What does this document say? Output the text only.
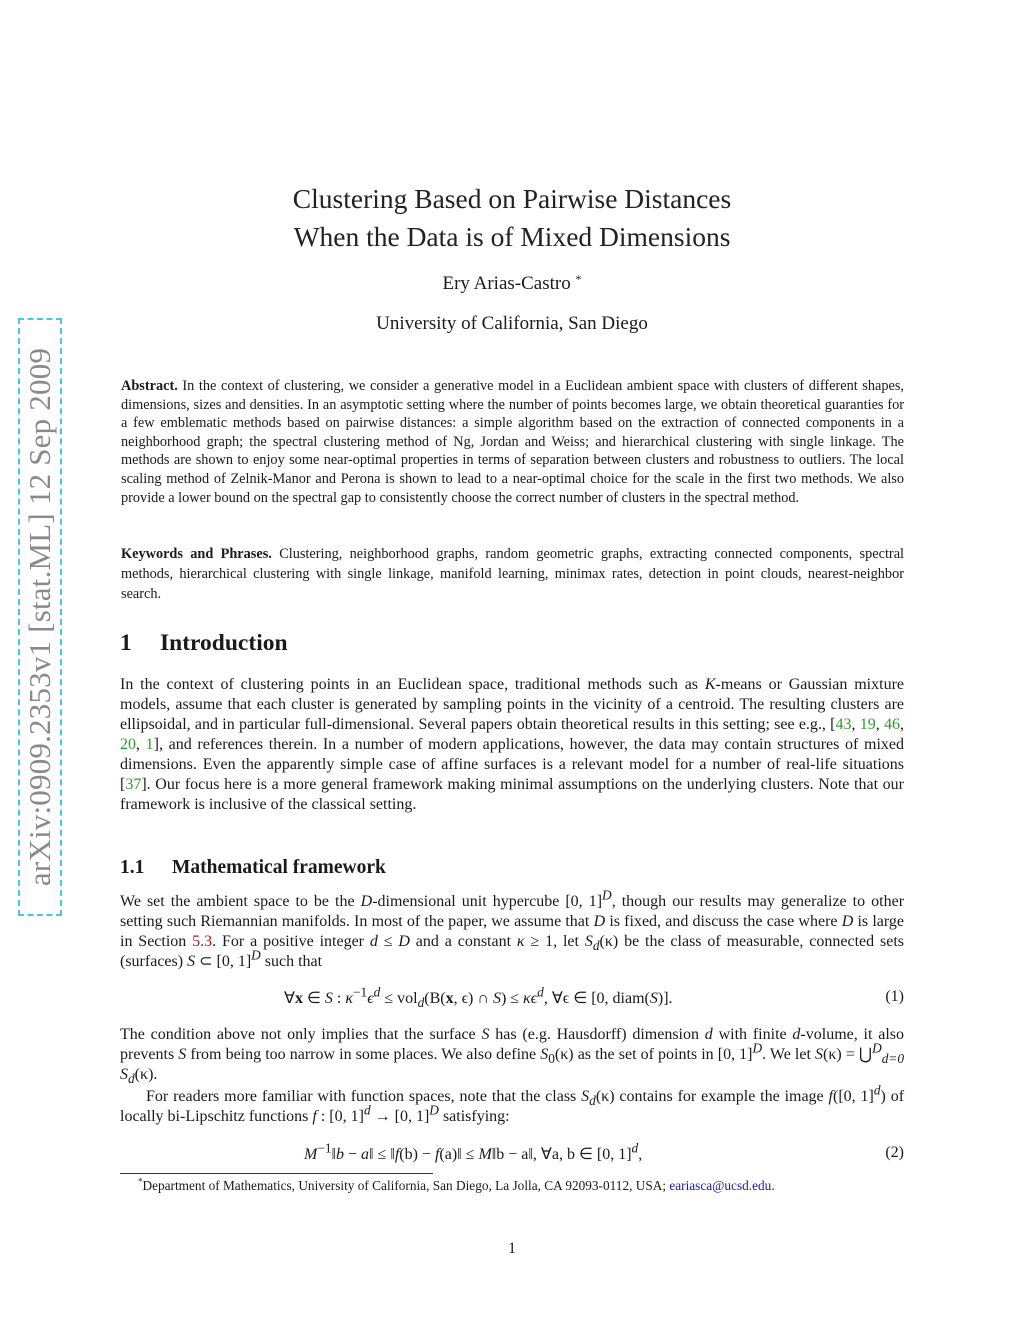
arXiv:0909.2353v1 [stat.ML] 12 Sep 2009
Clustering Based on Pairwise Distances
When the Data is of Mixed Dimensions
Ery Arias-Castro *
University of California, San Diego
Abstract. In the context of clustering, we consider a generative model in a Euclidean ambient space with clusters of different shapes, dimensions, sizes and densities. In an asymptotic setting where the number of points becomes large, we obtain theoretical guaranties for a few emblematic methods based on pairwise distances: a simple algorithm based on the extraction of connected components in a neighborhood graph; the spectral clustering method of Ng, Jordan and Weiss; and hierarchical clustering with single linkage. The methods are shown to enjoy some near-optimal properties in terms of separation between clusters and robustness to outliers. The local scaling method of Zelnik-Manor and Perona is shown to lead to a near-optimal choice for the scale in the first two methods. We also provide a lower bound on the spectral gap to consistently choose the correct number of clusters in the spectral method.
Keywords and Phrases. Clustering, neighborhood graphs, random geometric graphs, extracting connected components, spectral methods, hierarchical clustering with single linkage, manifold learning, minimax rates, detection in point clouds, nearest-neighbor search.
1 Introduction
In the context of clustering points in an Euclidean space, traditional methods such as K-means or Gaussian mixture models, assume that each cluster is generated by sampling points in the vicinity of a centroid. The resulting clusters are ellipsoidal, and in particular full-dimensional. Several papers obtain theoretical results in this setting; see e.g., [43, 19, 46, 20, 1], and references therein. In a number of modern applications, however, the data may contain structures of mixed dimensions. Even the apparently simple case of affine surfaces is a relevant model for a number of real-life situations [37]. Our focus here is a more general framework making minimal assumptions on the underlying clusters. Note that our framework is inclusive of the classical setting.
1.1 Mathematical framework
We set the ambient space to be the D-dimensional unit hypercube [0, 1]$^D$, though our results may generalize to other setting such Riemannian manifolds. In most of the paper, we assume that D is fixed, and discuss the case where D is large in Section 5.3. For a positive integer d ≤ D and a constant κ ≥ 1, let $S_d(\kappa)$ be the class of measurable, connected sets (surfaces) S ⊂ [0, 1]$^D$ such that
∀x ∈ S : $\kappa^{-1}\epsilon^d \le vol_d(B(x$, ϵ) ∩ $S) \le \kappa\epsilon^d$, ∀ϵ ∈ [0, diam(S)].	(1)
The condition above not only implies that the surface S has (e.g. Hausdorff) dimension d with finite d-volume, it also prevents S from being too narrow in some places. We also define $S_0(\kappa)$ as the set of points in [0, 1]$^D$. We let S(κ) = ⋃$^D_{d=0}$ $S_d(\kappa)$.
For readers more familiar with function spaces, note that the class $S_d(\kappa)$ contains for example the image f([0, 1]$^d$) of locally bi-Lipschitz functions f : [0, 1]$^d$ → [0, 1]$^D$ satisfying:
$M^{-1}‖b$ − a‖ ≤ ‖f(b) − f(a)‖ ≤ M‖b − a‖, ∀a, b ∈ [0, 1]$^d$,	(2)
*Department of Mathematics, University of California, San Diego, La Jolla, CA 92093-0112, USA; eariasca@ucsd.edu.
1
